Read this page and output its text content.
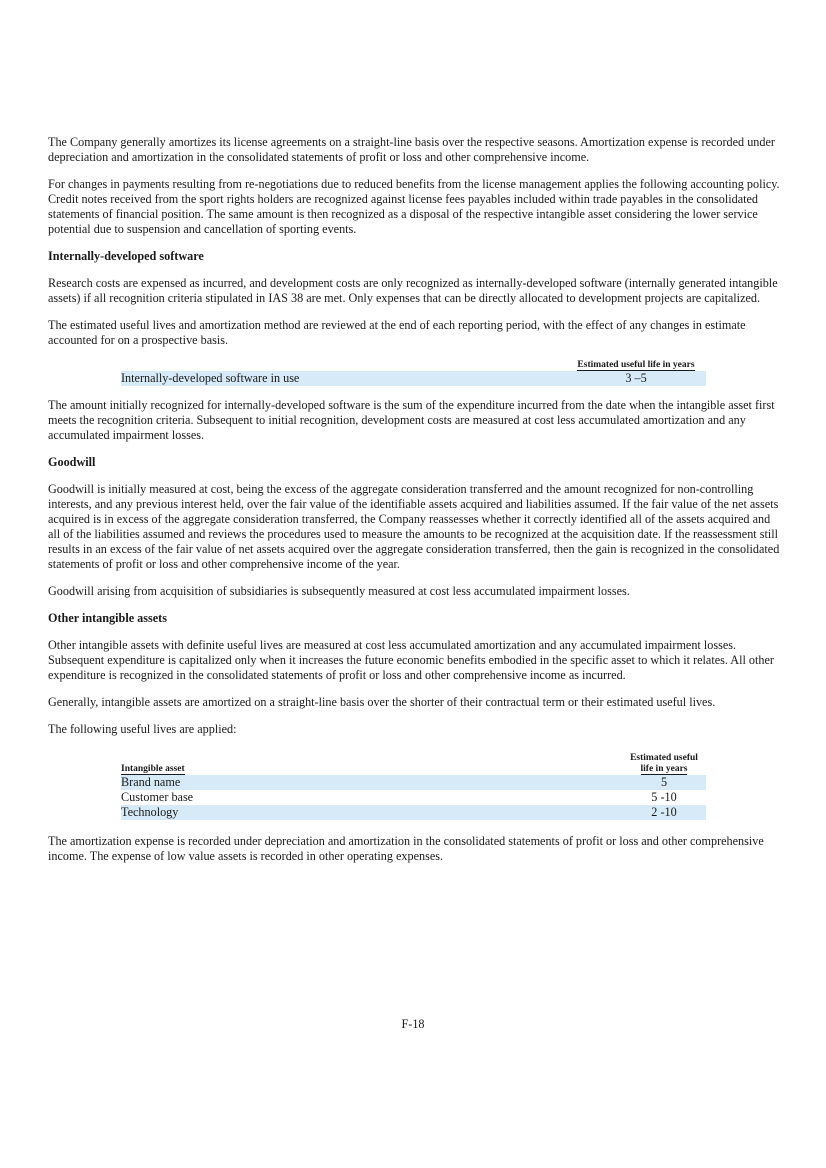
The Company generally amortizes its license agreements on a straight-line basis over the respective seasons. Amortization expense is recorded under depreciation and amortization in the consolidated statements of profit or loss and other comprehensive income.

For changes in payments resulting from re-negotiations due to reduced benefits from the license management applies the following accounting policy. Credit notes received from the sport rights holders are recognized against license fees payables included within trade payables in the consolidated statements of financial position. The same amount is then recognized as a disposal of the respective intangible asset considering the lower service potential due to suspension and cancellation of sporting events.

Internally-developed software

Research costs are expensed as incurred, and development costs are only recognized as internally-developed software (internally generated intangible assets) if all recognition criteria stipulated in IAS 38 are met. Only expenses that can be directly allocated to development projects are capitalized.

The estimated useful lives and amortization method are reviewed at the end of each reporting period, with the effect of any changes in estimate accounted for on a prospective basis.

	Estimated useful life in years
Internally-developed software in use	3 –5

The amount initially recognized for internally-developed software is the sum of the expenditure incurred from the date when the intangible asset first meets the recognition criteria. Subsequent to initial recognition, development costs are measured at cost less accumulated amortization and any accumulated impairment losses.

Goodwill

Goodwill is initially measured at cost, being the excess of the aggregate consideration transferred and the amount recognized for non-controlling interests, and any previous interest held, over the fair value of the identifiable assets acquired and liabilities assumed. If the fair value of the net assets acquired is in excess of the aggregate consideration transferred, the Company reassesses whether it correctly identified all of the assets acquired and all of the liabilities assumed and reviews the procedures used to measure the amounts to be recognized at the acquisition date. If the reassessment still results in an excess of the fair value of net assets acquired over the aggregate consideration transferred, then the gain is recognized in the consolidated statements of profit or loss and other comprehensive income of the year.

Goodwill arising from acquisition of subsidiaries is subsequently measured at cost less accumulated impairment losses.

Other intangible assets

Other intangible assets with definite useful lives are measured at cost less accumulated amortization and any accumulated impairment losses. Subsequent expenditure is capitalized only when it increases the future economic benefits embodied in the specific asset to which it relates. All other expenditure is recognized in the consolidated statements of profit or loss and other comprehensive income as incurred.

Generally, intangible assets are amortized on a straight-line basis over the shorter of their contractual term or their estimated useful lives.

The following useful lives are applied:

Intangible asset	Estimated useful
life in years
Brand name	5
Customer base	5 -10
Technology	2 -10

The amortization expense is recorded under depreciation and amortization in the consolidated statements of profit or loss and other comprehensive income. The expense of low value assets is recorded in other operating expenses.

F-18
